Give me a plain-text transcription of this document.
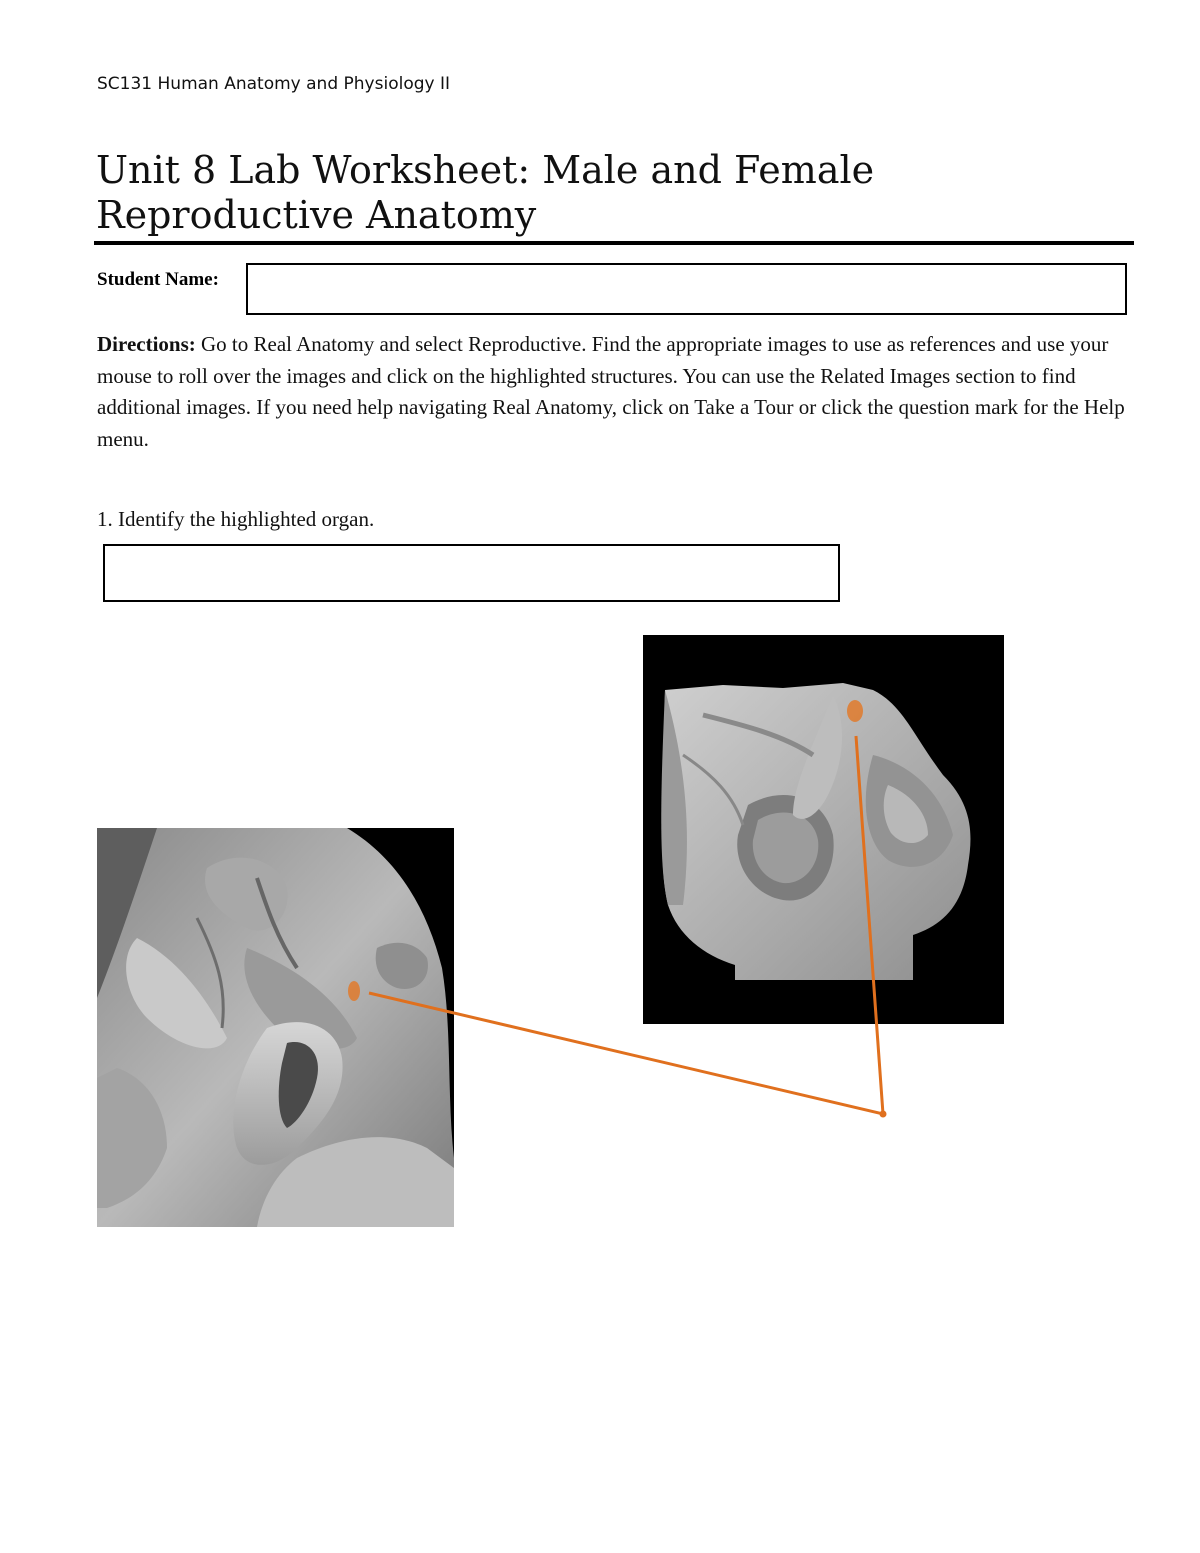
SC131 Human Anatomy and Physiology II
Unit 8 Lab Worksheet: Male and Female Reproductive Anatomy
Student Name:
Directions: Go to Real Anatomy and select Reproductive. Find the appropriate images to use as references and use your mouse to roll over the images and click on the highlighted structures. You can use the Related Images section to find additional images. If you need help navigating Real Anatomy, click on Take a Tour or click the question mark for the Help menu.
1. Identify the highlighted organ.
